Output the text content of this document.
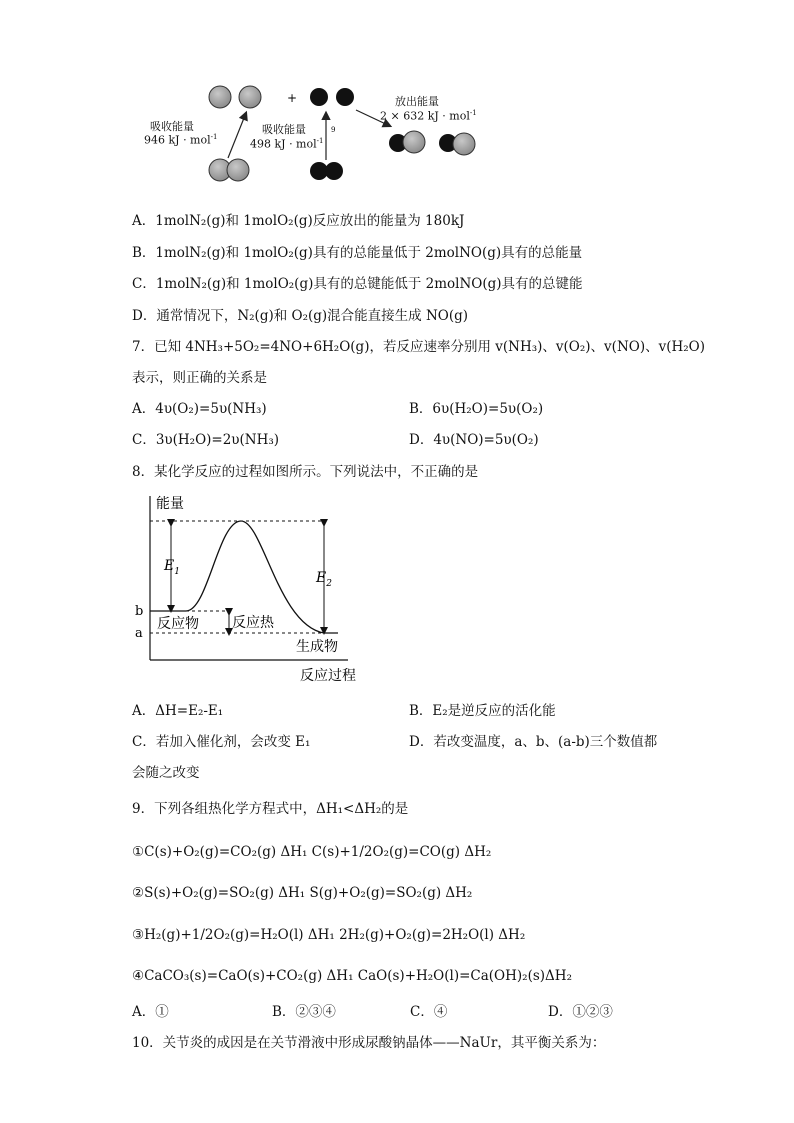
+
9
吸收能量
946 kJ · mol$^{-1}$
吸收能量
498 kJ · mol$^{-1}$
放出能量
2 × 632 kJ · mol$^{-1}$
A．1molN₂(g)和 1molO₂(g)反应放出的能量为 180kJ
B．1molN₂(g)和 1molO₂(g)具有的总能量低于 2molNO(g)具有的总能量
C．1molN₂(g)和 1molO₂(g)具有的总键能低于 2molNO(g)具有的总键能
D．通常情况下，N₂(g)和 O₂(g)混合能直接生成 NO(g)
7．已知 4NH₃+5O₂=4NO+6H₂O(g)，若反应速率分别用 v(NH₃)、v(O₂)、v(NO)、v(H₂O)
表示，则正确的关系是
A．4υ(O₂)=5υ(NH₃)	B．6υ(H₂O)=5υ(O₂)
C．3υ(H₂O)=2υ(NH₃)	D．4υ(NO)=5υ(O₂)
8．某化学反应的过程如图所示。下列说法中，不正确的是
能量
b
a
$E_1$	$E_2$
反应物 反应热
生成物
反应过程
A．ΔH=E₂-E₁	B．E₂是逆反应的活化能
C．若加入催化剂，会改变 E₁	D．若改变温度，a、b、(a-b)三个数值都
会随之改变
9．下列各组热化学方程式中，ΔH₁<ΔH₂的是
①C(s)+O₂(g)=CO₂(g) ΔH₁ C(s)+1/2O₂(g)=CO(g) ΔH₂
②S(s)+O₂(g)=SO₂(g) ΔH₁ S(g)+O₂(g)=SO₂(g) ΔH₂
③H₂(g)+1/2O₂(g)=H₂O(l) ΔH₁ 2H₂(g)+O₂(g)=2H₂O(l) ΔH₂
④CaCO₃(s)=CaO(s)+CO₂(g) ΔH₁ CaO(s)+H₂O(l)=Ca(OH)₂(s)ΔH₂
A．①	B．②③④	C．④	D．①②③
10．关节炎的成因是在关节滑液中形成尿酸钠晶体——NaUr，其平衡关系为：
